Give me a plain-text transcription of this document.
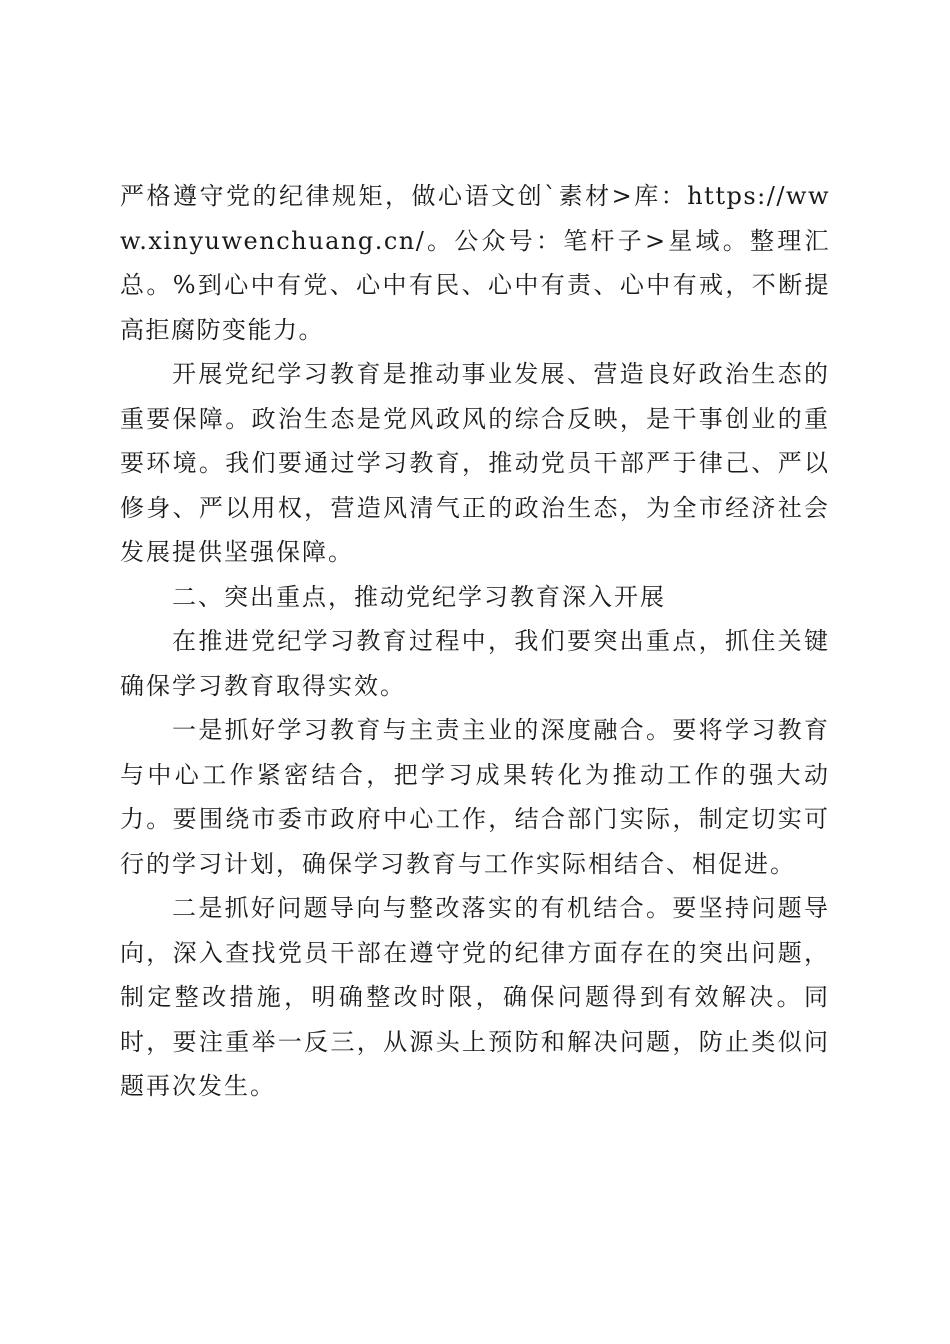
严格遵守党的纪律规矩，做心语文创`素材>库：https://www.xinyuwenchuang.cn/。公众号：笔杆子>星域。整理汇总。%到心中有党、心中有民、心中有责、心中有戒，不断提高拒腐防变能力。

开展党纪学习教育是推动事业发展、营造良好政治生态的重要保障。政治生态是党风政风的综合反映，是干事创业的重要环境。我们要通过学习教育，推动党员干部严于律己、严以修身、严以用权，营造风清气正的政治生态，为全市经济社会发展提供坚强保障。

二、突出重点，推动党纪学习教育深入开展

在推进党纪学习教育过程中，我们要突出重点，抓住关键确保学习教育取得实效。

一是抓好学习教育与主责主业的深度融合。要将学习教育与中心工作紧密结合，把学习成果转化为推动工作的强大动力。要围绕市委市政府中心工作，结合部门实际，制定切实可行的学习计划，确保学习教育与工作实际相结合、相促进。

二是抓好问题导向与整改落实的有机结合。要坚持问题导向，深入查找党员干部在遵守党的纪律方面存在的突出问题，制定整改措施，明确整改时限，确保问题得到有效解决。同时，要注重举一反三，从源头上预防和解决问题，防止类似问题再次发生。
